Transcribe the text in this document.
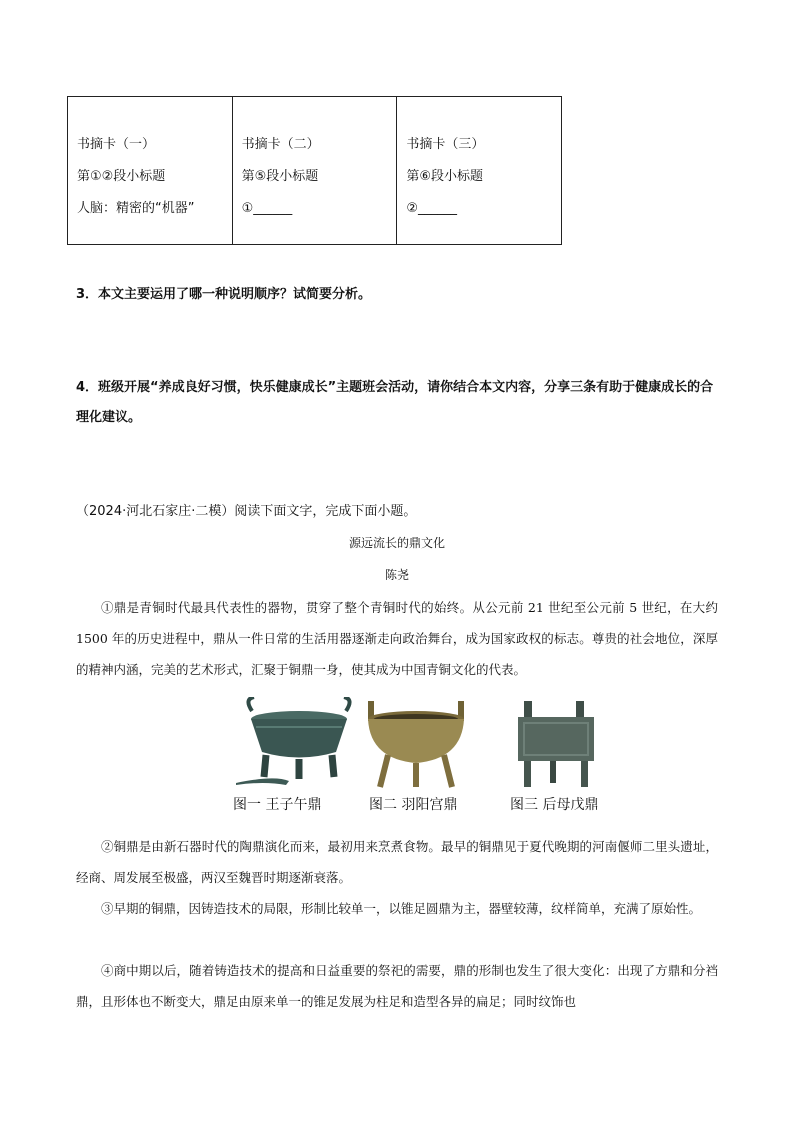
书摘卡（一）
第①②段小标题
人脑：精密的“机器”

书摘卡（二）
第⑤段小标题
①______

书摘卡（三）
第⑥段小标题
②______
3．本文主要运用了哪一种说明顺序？试简要分析。
4．班级开展“养成良好习惯，快乐健康成长”主题班会活动，请你结合本文内容，分享三条有助于健康成长的合理化建议。
（2024·河北石家庄·二模）阅读下面文字，完成下面小题。
源远流长的鼎文化
陈尧
①鼎是青铜时代最具代表性的器物，贯穿了整个青铜时代的始终。从公元前 21 世纪至公元前 5 世纪，在大约 1500 年的历史进程中，鼎从一件日常的生活用器逐渐走向政治舞台，成为国家政权的标志。尊贵的社会地位，深厚的精神内涵，完美的艺术形式，汇聚于铜鼎一身，使其成为中国青铜文化的代表。
图一 王子午鼎	图二 羽阳宫鼎	图三 后母戊鼎
②铜鼎是由新石器时代的陶鼎演化而来，最初用来烹煮食物。最早的铜鼎见于夏代晚期的河南偃师二里头遗址，经商、周发展至极盛，两汉至魏晋时期逐渐衰落。
③早期的铜鼎，因铸造技术的局限，形制比较单一，以锥足圆鼎为主，器壁较薄，纹样简单，充满了原始性。
④商中期以后，随着铸造技术的提高和日益重要的祭祀的需要，鼎的形制也发生了很大变化：出现了方鼎和分裆鼎，且形体也不断变大，鼎足由原来单一的锥足发展为柱足和造型各异的扁足；同时纹饰也
